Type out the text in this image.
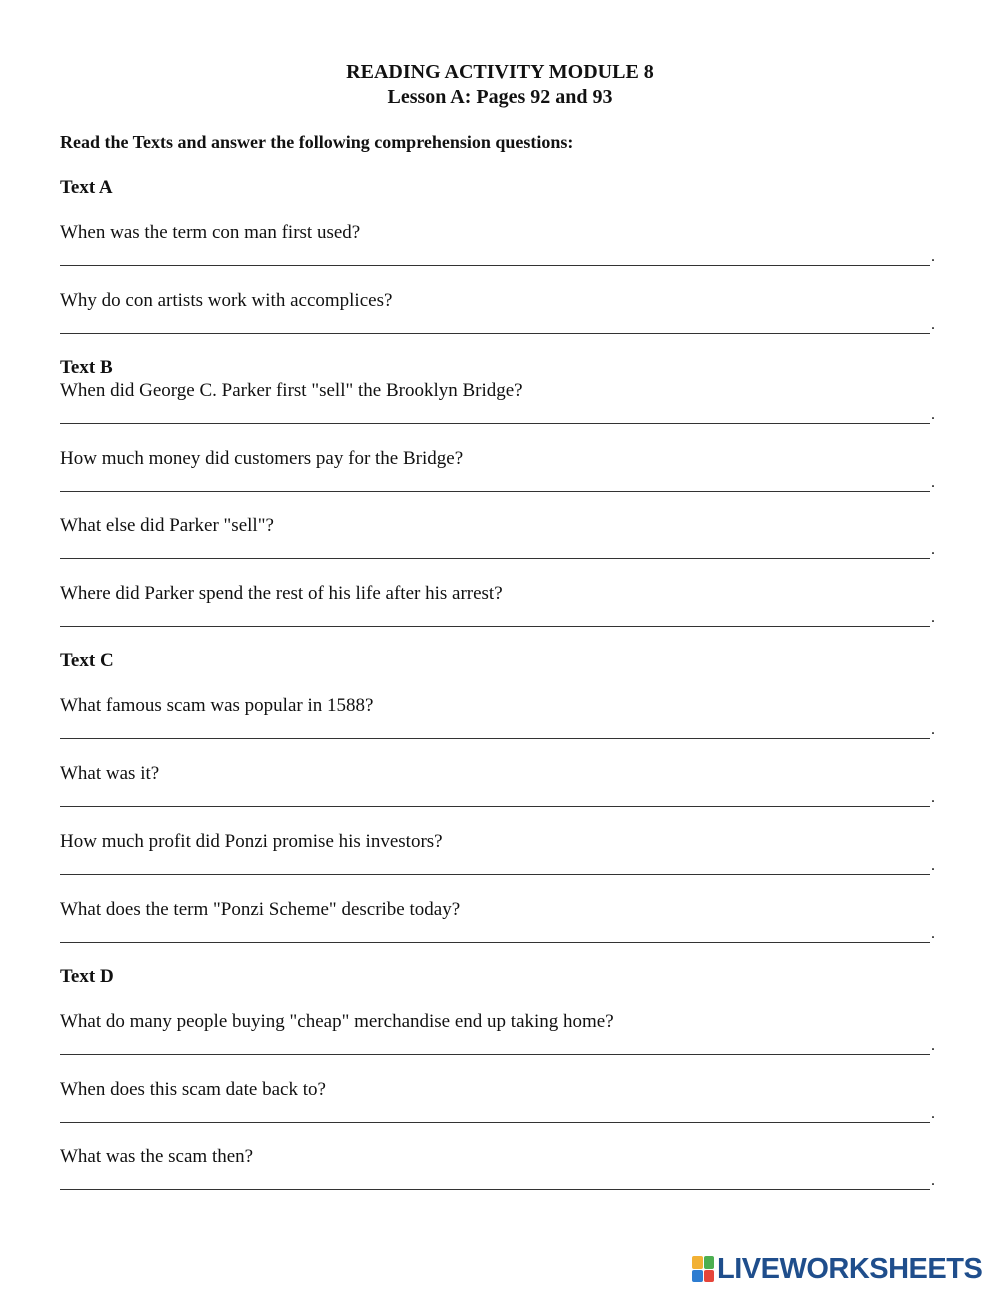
READING ACTIVITY MODULE 8
Lesson A: Pages 92 and 93
Read the Texts and answer the following comprehension questions:
Text A
When was the term con man first used?
.
Why do con artists work with accomplices?
.
Text B
When did George C. Parker first "sell" the Brooklyn Bridge?
.
How much money did customers pay for the Bridge?
.
What else did Parker "sell"?
.
Where did Parker spend the rest of his life after his arrest?
.
Text C
What famous scam was popular in 1588?
.
What was it?
.
How much profit did Ponzi promise his investors?
.
What does the term "Ponzi Scheme" describe today?
.
Text D
What do many people buying "cheap" merchandise end up taking home?
.
When does this scam date back to?
.
What was the scam then?
.
LIVEWORKSHEETS
